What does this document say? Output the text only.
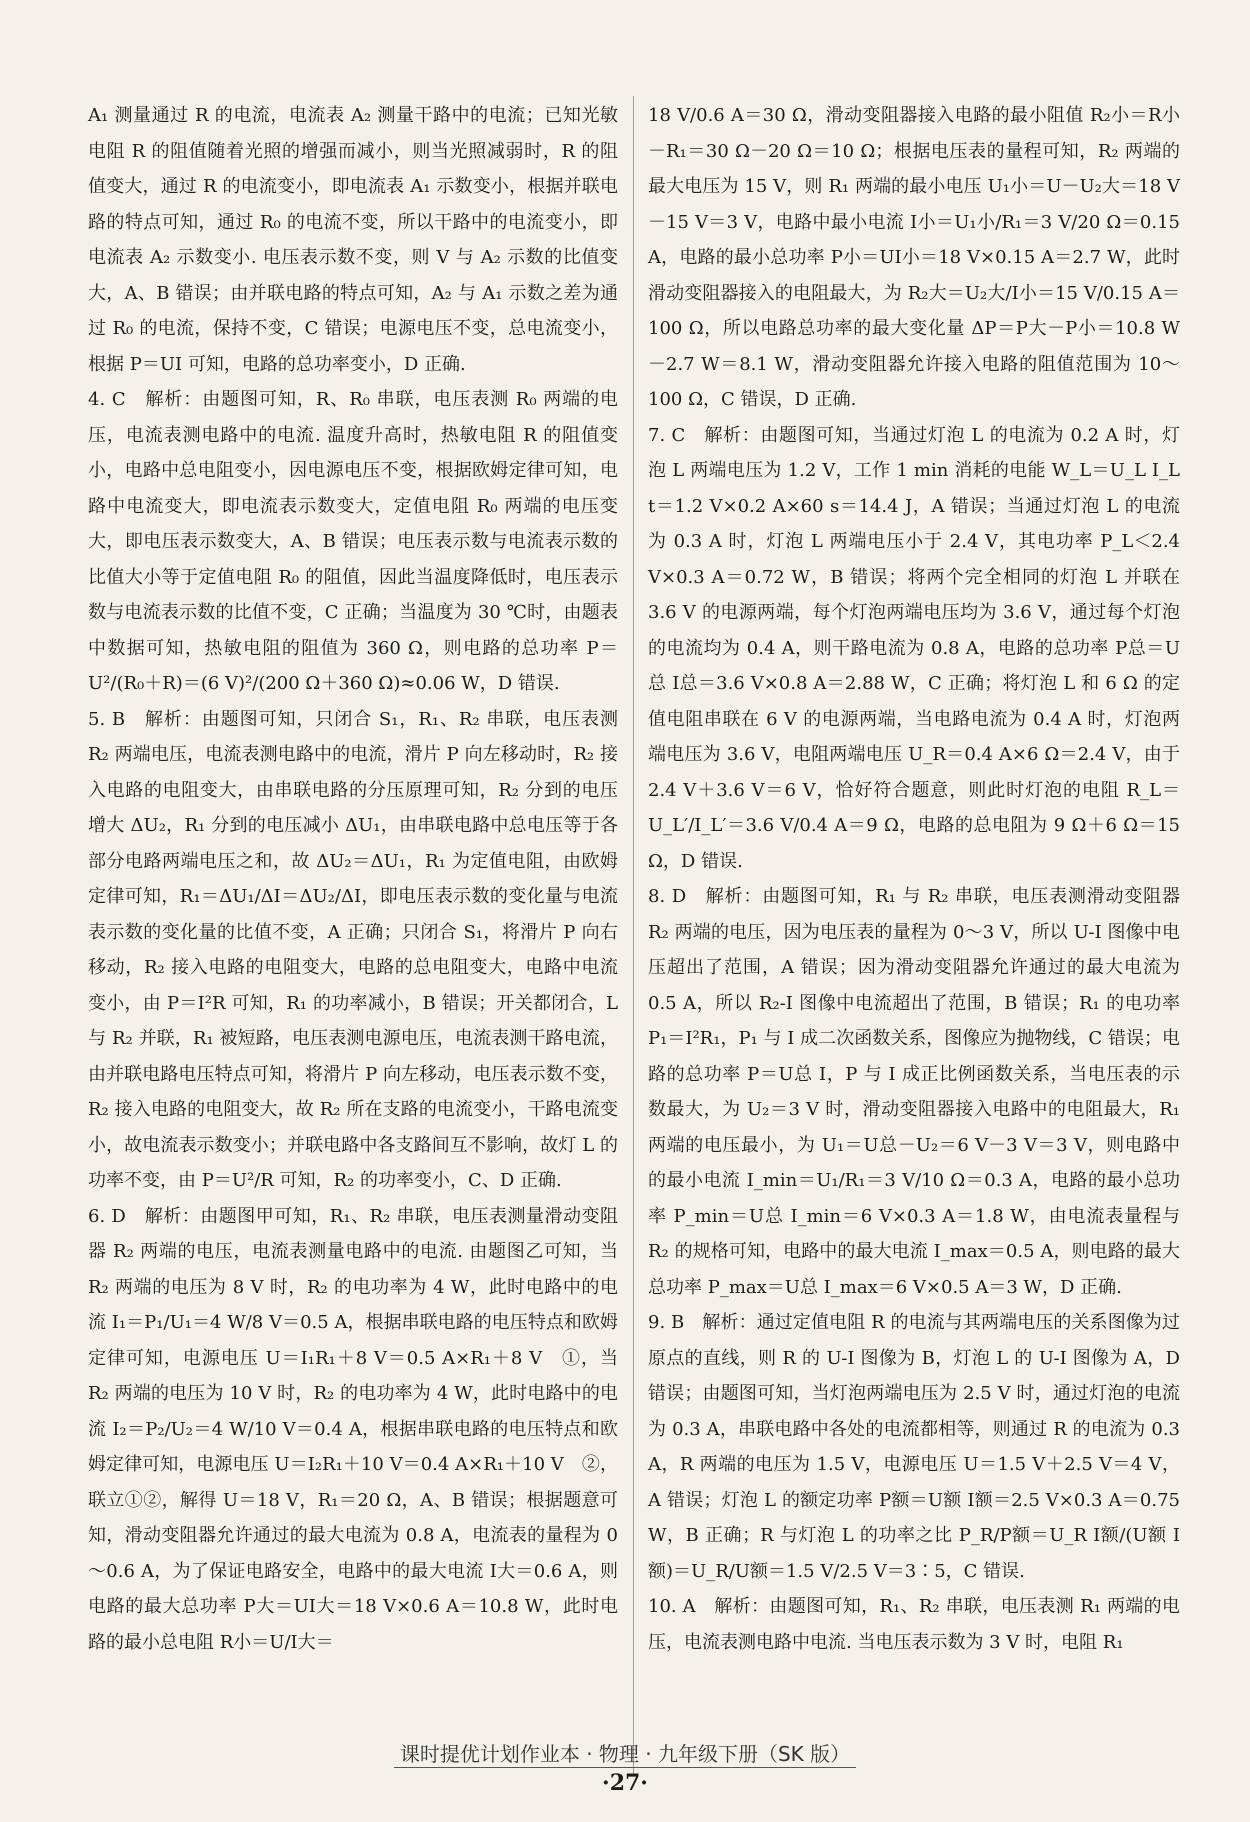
A₁ 测量通过 R 的电流，电流表 A₂ 测量干路中的电流；已知光敏电阻 R 的阻值随着光照的增强而减小，则当光照减弱时，R 的阻值变大，通过 R 的电流变小，即电流表 A₁ 示数变小，根据并联电路的特点可知，通过 R₀ 的电流不变，所以干路中的电流变小，即电流表 A₂ 示数变小. 电压表示数不变，则 V 与 A₂ 示数的比值变大，A、B 错误；由并联电路的特点可知，A₂ 与 A₁ 示数之差为通过 R₀ 的电流，保持不变，C 错误；电源电压不变，总电流变小，根据 P＝UI 可知，电路的总功率变小，D 正确.

4. C　解析：由题图可知，R、R₀ 串联，电压表测 R₀ 两端的电压，电流表测电路中的电流. 温度升高时，热敏电阻 R 的阻值变小，电路中总电阻变小，因电源电压不变，根据欧姆定律可知，电路中电流变大，即电流表示数变大，定值电阻 R₀ 两端的电压变大，即电压表示数变大，A、B 错误；电压表示数与电流表示数的比值大小等于定值电阻 R₀ 的阻值，因此当温度降低时，电压表示数与电流表示数的比值不变，C 正确；当温度为 30 ℃时，由题表中数据可知，热敏电阻的阻值为 360 Ω，则电路的总功率 P＝U²/(R₀＋R)＝(6 V)²/(200 Ω＋360 Ω)≈0.06 W，D 错误.

5. B　解析：由题图可知，只闭合 S₁，R₁、R₂ 串联，电压表测 R₂ 两端电压，电流表测电路中的电流，滑片 P 向左移动时，R₂ 接入电路的电阻变大，由串联电路的分压原理可知，R₂ 分到的电压增大 ΔU₂，R₁ 分到的电压减小 ΔU₁，由串联电路中总电压等于各部分电路两端电压之和，故 ΔU₂＝ΔU₁，R₁ 为定值电阻，由欧姆定律可知，R₁＝ΔU₁/ΔI＝ΔU₂/ΔI，即电压表示数的变化量与电流表示数的变化量的比值不变，A 正确；只闭合 S₁，将滑片 P 向右移动，R₂ 接入电路的电阻变大，电路的总电阻变大，电路中电流变小，由 P＝I²R 可知，R₁ 的功率减小，B 错误；开关都闭合，L 与 R₂ 并联，R₁ 被短路，电压表测电源电压，电流表测干路电流，由并联电路电压特点可知，将滑片 P 向左移动，电压表示数不变，R₂ 接入电路的电阻变大，故 R₂ 所在支路的电流变小，干路电流变小，故电流表示数变小；并联电路中各支路间互不影响，故灯 L 的功率不变，由 P＝U²/R 可知，R₂ 的功率变小，C、D 正确.

6. D　解析：由题图甲可知，R₁、R₂ 串联，电压表测量滑动变阻器 R₂ 两端的电压，电流表测量电路中的电流. 由题图乙可知，当 R₂ 两端的电压为 8 V 时，R₂ 的电功率为 4 W，此时电路中的电流 I₁＝P₁/U₁＝4 W/8 V＝0.5 A，根据串联电路的电压特点和欧姆定律可知，电源电压 U＝I₁R₁＋8 V＝0.5 A×R₁＋8 V　①，当 R₂ 两端的电压为 10 V 时，R₂ 的电功率为 4 W，此时电路中的电流 I₂＝P₂/U₂＝4 W/10 V＝0.4 A，根据串联电路的电压特点和欧姆定律可知，电源电压 U＝I₂R₁＋10 V＝0.4 A×R₁＋10 V　②，联立①②，解得 U＝18 V，R₁＝20 Ω，A、B 错误；根据题意可知，滑动变阻器允许通过的最大电流为 0.8 A，电流表的量程为 0～0.6 A，为了保证电路安全，电路中的最大电流 I大＝0.6 A，则电路的最大总功率 P大＝UI大＝18 V×0.6 A＝10.8 W，此时电路的最小总电阻 R小＝U/I大＝

18 V/0.6 A＝30 Ω，滑动变阻器接入电路的最小阻值 R₂小＝R小－R₁＝30 Ω－20 Ω＝10 Ω；根据电压表的量程可知，R₂ 两端的最大电压为 15 V，则 R₁ 两端的最小电压 U₁小＝U－U₂大＝18 V－15 V＝3 V，电路中最小电流 I小＝U₁小/R₁＝3 V/20 Ω＝0.15 A，电路的最小总功率 P小＝UI小＝18 V×0.15 A＝2.7 W，此时滑动变阻器接入的电阻最大，为 R₂大＝U₂大/I小＝15 V/0.15 A＝100 Ω，所以电路总功率的最大变化量 ΔP＝P大－P小＝10.8 W－2.7 W＝8.1 W，滑动变阻器允许接入电路的阻值范围为 10～100 Ω，C 错误，D 正确.

7. C　解析：由题图可知，当通过灯泡 L 的电流为 0.2 A 时，灯泡 L 两端电压为 1.2 V，工作 1 min 消耗的电能 W_L＝U_L I_L t＝1.2 V×0.2 A×60 s＝14.4 J，A 错误；当通过灯泡 L 的电流为 0.3 A 时，灯泡 L 两端电压小于 2.4 V，其电功率 P_L＜2.4 V×0.3 A＝0.72 W，B 错误；将两个完全相同的灯泡 L 并联在 3.6 V 的电源两端，每个灯泡两端电压均为 3.6 V，通过每个灯泡的电流均为 0.4 A，则干路电流为 0.8 A，电路的总功率 P总＝U总 I总＝3.6 V×0.8 A＝2.88 W，C 正确；将灯泡 L 和 6 Ω 的定值电阻串联在 6 V 的电源两端，当电路电流为 0.4 A 时，灯泡两端电压为 3.6 V，电阻两端电压 U_R＝0.4 A×6 Ω＝2.4 V，由于 2.4 V＋3.6 V＝6 V，恰好符合题意，则此时灯泡的电阻 R_L＝U_L′/I_L′＝3.6 V/0.4 A＝9 Ω，电路的总电阻为 9 Ω＋6 Ω＝15 Ω，D 错误.

8. D　解析：由题图可知，R₁ 与 R₂ 串联，电压表测滑动变阻器 R₂ 两端的电压，因为电压表的量程为 0～3 V，所以 U-I 图像中电压超出了范围，A 错误；因为滑动变阻器允许通过的最大电流为 0.5 A，所以 R₂-I 图像中电流超出了范围，B 错误；R₁ 的电功率 P₁＝I²R₁，P₁ 与 I 成二次函数关系，图像应为抛物线，C 错误；电路的总功率 P＝U总 I，P 与 I 成正比例函数关系，当电压表的示数最大，为 U₂＝3 V 时，滑动变阻器接入电路中的电阻最大，R₁ 两端的电压最小，为 U₁＝U总－U₂＝6 V－3 V＝3 V，则电路中的最小电流 I_min＝U₁/R₁＝3 V/10 Ω＝0.3 A，电路的最小总功率 P_min＝U总 I_min＝6 V×0.3 A＝1.8 W，由电流表量程与 R₂ 的规格可知，电路中的最大电流 I_max＝0.5 A，则电路的最大总功率 P_max＝U总 I_max＝6 V×0.5 A＝3 W，D 正确.

9. B　解析：通过定值电阻 R 的电流与其两端电压的关系图像为过原点的直线，则 R 的 U-I 图像为 B，灯泡 L 的 U-I 图像为 A，D 错误；由题图可知，当灯泡两端电压为 2.5 V 时，通过灯泡的电流为 0.3 A，串联电路中各处的电流都相等，则通过 R 的电流为 0.3 A，R 两端的电压为 1.5 V，电源电压 U＝1.5 V＋2.5 V＝4 V，A 错误；灯泡 L 的额定功率 P额＝U额 I额＝2.5 V×0.3 A＝0.75 W，B 正确；R 与灯泡 L 的功率之比 P_R/P额＝U_R I额/(U额 I额)＝U_R/U额＝1.5 V/2.5 V＝3∶5，C 错误.

10. A　解析：由题图可知，R₁、R₂ 串联，电压表测 R₁ 两端的电压，电流表测电路中电流. 当电压表示数为 3 V 时，电阻 R₁

课时提优计划作业本 · 物理 · 九年级下册（SK 版）
·27·
